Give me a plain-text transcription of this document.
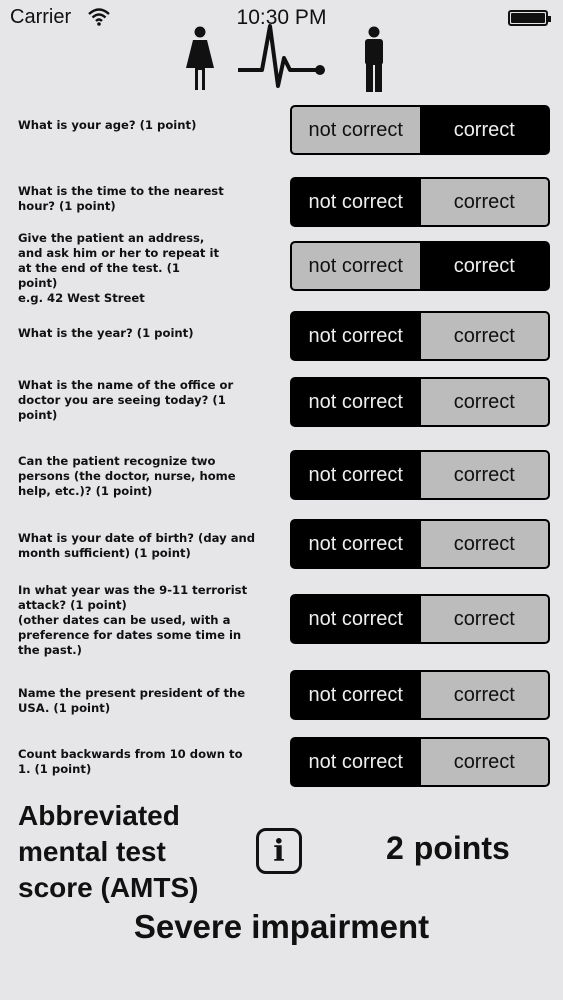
Carrier	10:30 PM
What is your age? (1 point)	not correct	correct
What is the time to the nearest
hour? (1 point)	not correct	correct
Give the patient an address,
and ask him or her to repeat it
at the end of the test. (1
point)
e.g. 42 West Street
not correct	correct
What is the year? (1 point)	not correct	correct
What is the name of the office or
doctor you are seeing today? (1
point)
not correct	correct
Can the patient recognize two
persons (the doctor, nurse, home
help, etc.)? (1 point)
not correct	correct
What is your date of birth? (day and
month sufficient) (1 point)	not correct	correct
In what year was the 9-11 terrorist
attack? (1 point)
(other dates can be used, with a
preference for dates some time in
the past.)
not correct	correct
Name the present president of the
USA. (1 point)
not correct	correct
Count backwards from 10 down to
1. (1 point)	not correct	correct
Abbreviated
mental test
score (AMTS)
i	2 points
Severe impairment
